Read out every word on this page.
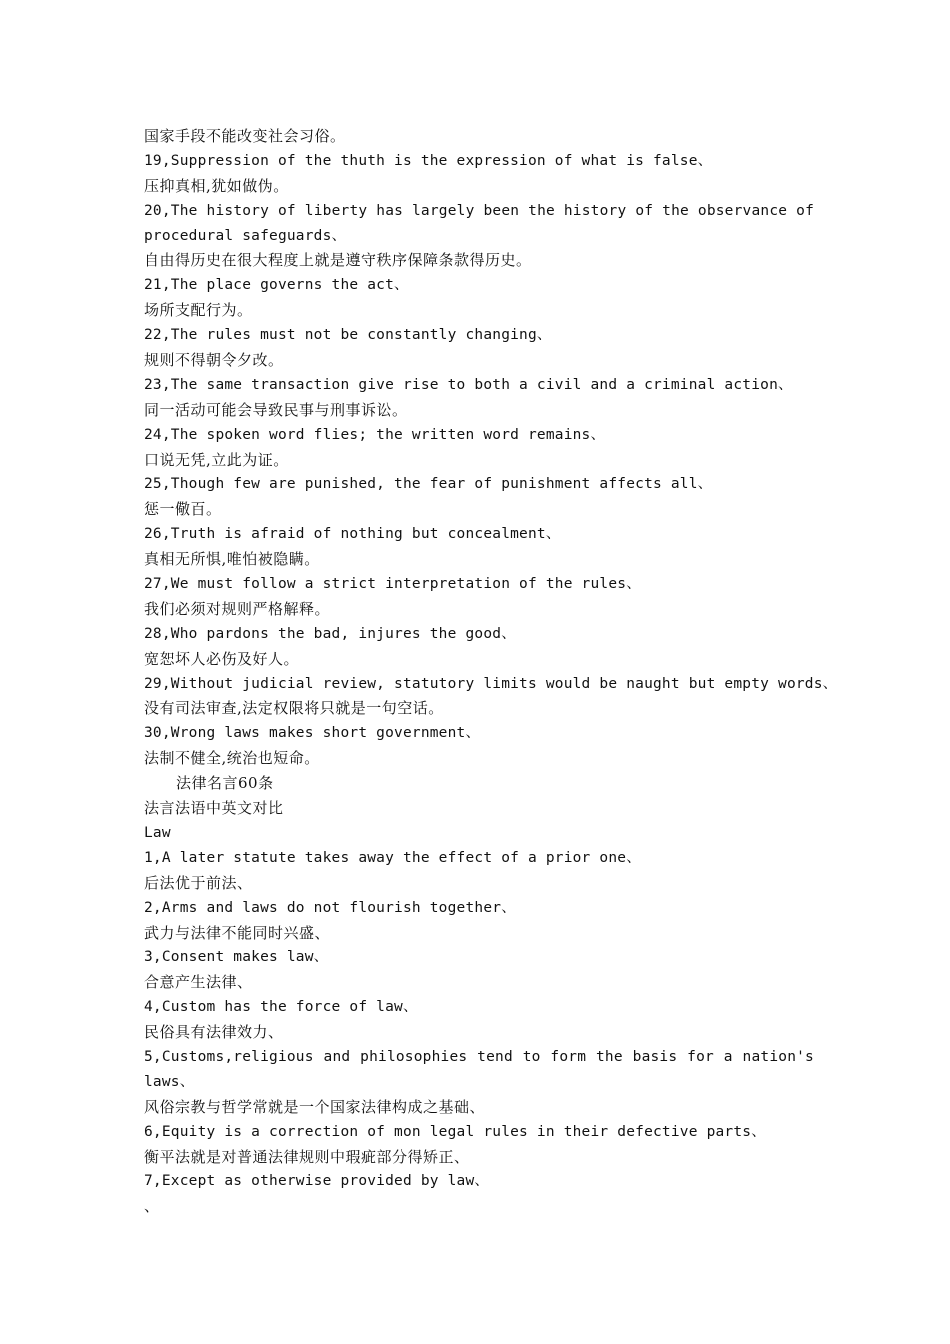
国家手段不能改变社会习俗。
19,Suppression of the thuth is the expression of what is false、
压抑真相,犹如做伪。
20,The history of liberty has largely been the history of the observance of
procedural safeguards、
自由得历史在很大程度上就是遵守秩序保障条款得历史。
21,The place governs the act、
场所支配行为。
22,The rules must not be constantly changing、
规则不得朝令夕改。
23,The same transaction give rise to both a civil and a criminal action、
同一活动可能会导致民事与刑事诉讼。
24,The spoken word flies; the written word remains、
口说无凭,立此为证。
25,Though few are punished, the fear of punishment affects all、
惩一儆百。
26,Truth is afraid of nothing but concealment、
真相无所惧,唯怕被隐瞒。
27,We must follow a strict interpretation of the rules、
我们必须对规则严格解释。
28,Who pardons the bad, injures the good、
宽恕坏人必伤及好人。
29,Without judicial review, statutory limits would be naught but empty words、
没有司法审查,法定权限将只就是一句空话。
30,Wrong laws makes short government、
法制不健全,统治也短命。
法律名言60条
法言法语中英文对比
Law
1,A later statute takes away the effect of a prior one、
后法优于前法、
2,Arms and laws do not flourish together、
武力与法律不能同时兴盛、
3,Consent makes law、
合意产生法律、
4,Custom has the force of law、
民俗具有法律效力、
5,Customs,religious and philosophies tend to form the basis for a nation's
laws、
风俗宗教与哲学常就是一个国家法律构成之基础、
6,Equity is a correction of mon legal rules in their defective parts、
衡平法就是对普通法律规则中瑕疵部分得矫正、
7,Except as otherwise provided by law、
、
